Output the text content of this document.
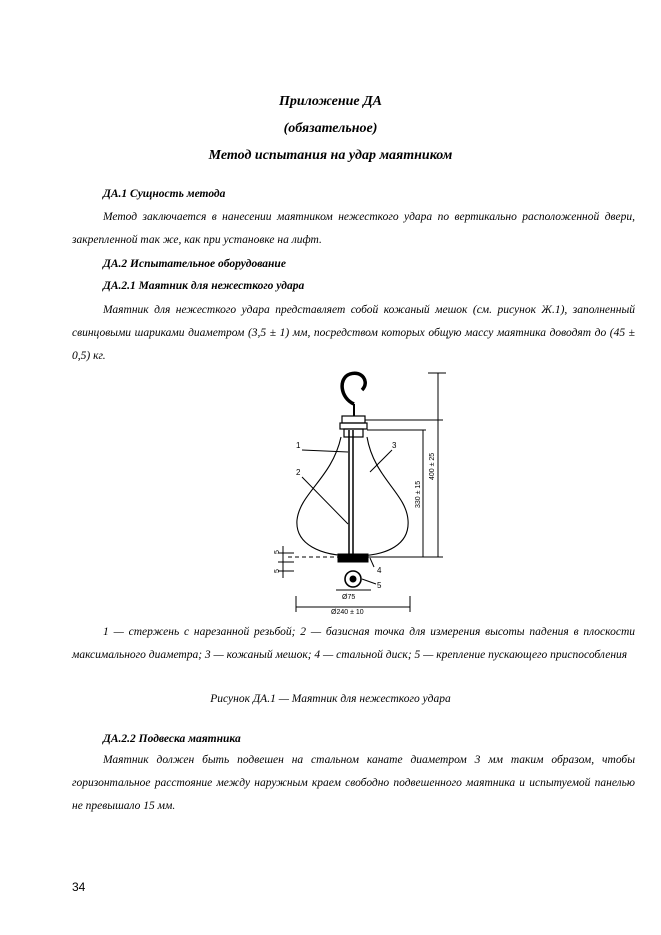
Приложение ДА
(обязательное)
Метод испытания на удар маятником
ДА.1 Сущность метода
Метод заключается в нанесении маятником нежесткого удара по вертикально расположенной двери, закрепленной так же, как при установке на лифт.
ДА.2 Испытательное оборудование
ДА.2.1 Маятник для нежесткого удара
Маятник для нежесткого удара представляет собой кожаный мешок (см. рисунок Ж.1), заполненный свинцовыми шариками диаметром (3,5 ± 1) мм, посредством которых общую массу маятника доводят до (45 ± 0,5) кг.
1
2
3
4
5
Ø75
Ø240 ± 10
330 ± 15
400 ± 25
5
5
1 — стержень с нарезанной резьбой; 2 — базисная точка для измерения высоты падения в плоскости максимального диаметра; 3 — кожаный мешок; 4 — стальной диск; 5 — крепление пускающего приспособления
Рисунок ДА.1 — Маятник для нежесткого удара
ДА.2.2 Подвеска маятника
Маятник должен быть подвешен на стальном канате диаметром 3 мм таким образом, чтобы горизонтальное расстояние между наружным краем свободно подвешенного маятника и испытуемой панелью не превышало 15 мм.
34
